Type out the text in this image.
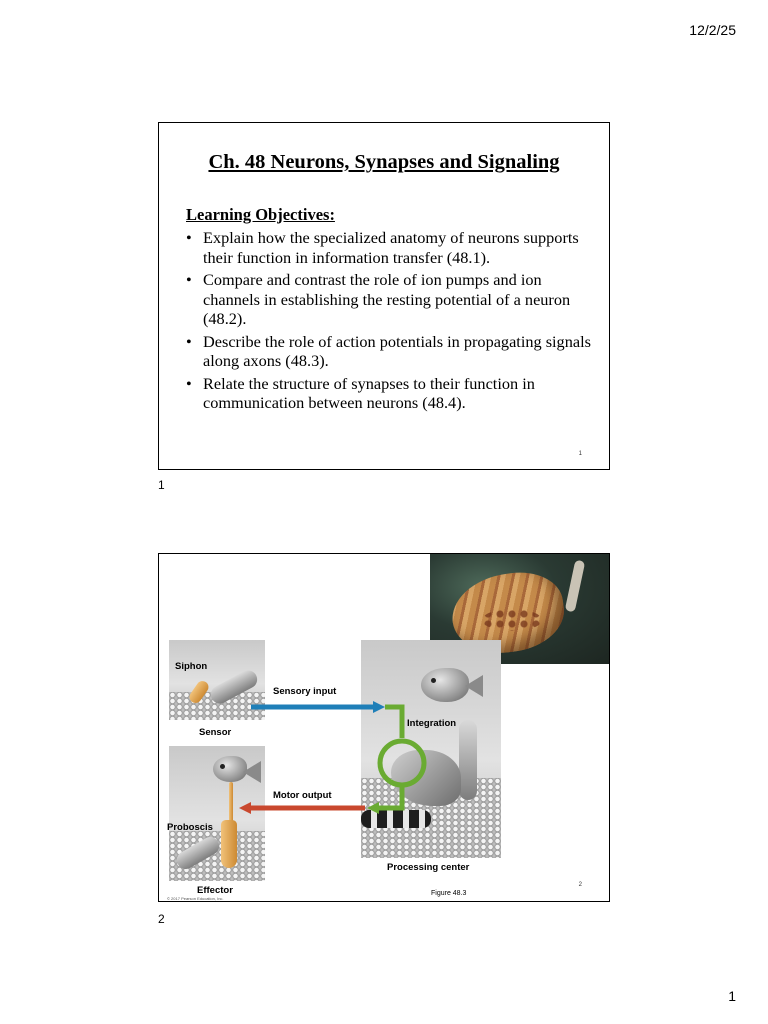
12/2/25
Ch. 48 Neurons, Synapses and Signaling
Learning Objectives:
• Explain how the specialized anatomy of neurons supports their function in information transfer (48.1).
• Compare and contrast the role of ion pumps and ion channels in establishing the resting potential of a neuron (48.2).
• Describe the role of action potentials in propagating signals along axons (48.3).
• Relate the structure of synapses to their function in communication between neurons (48.4).
1
1
Siphon
Sensor
Sensory input
Integration
Motor output
Proboscis
Effector
Processing center
Figure 48.3
© 2017 Pearson Education, Inc.
2
2
1
